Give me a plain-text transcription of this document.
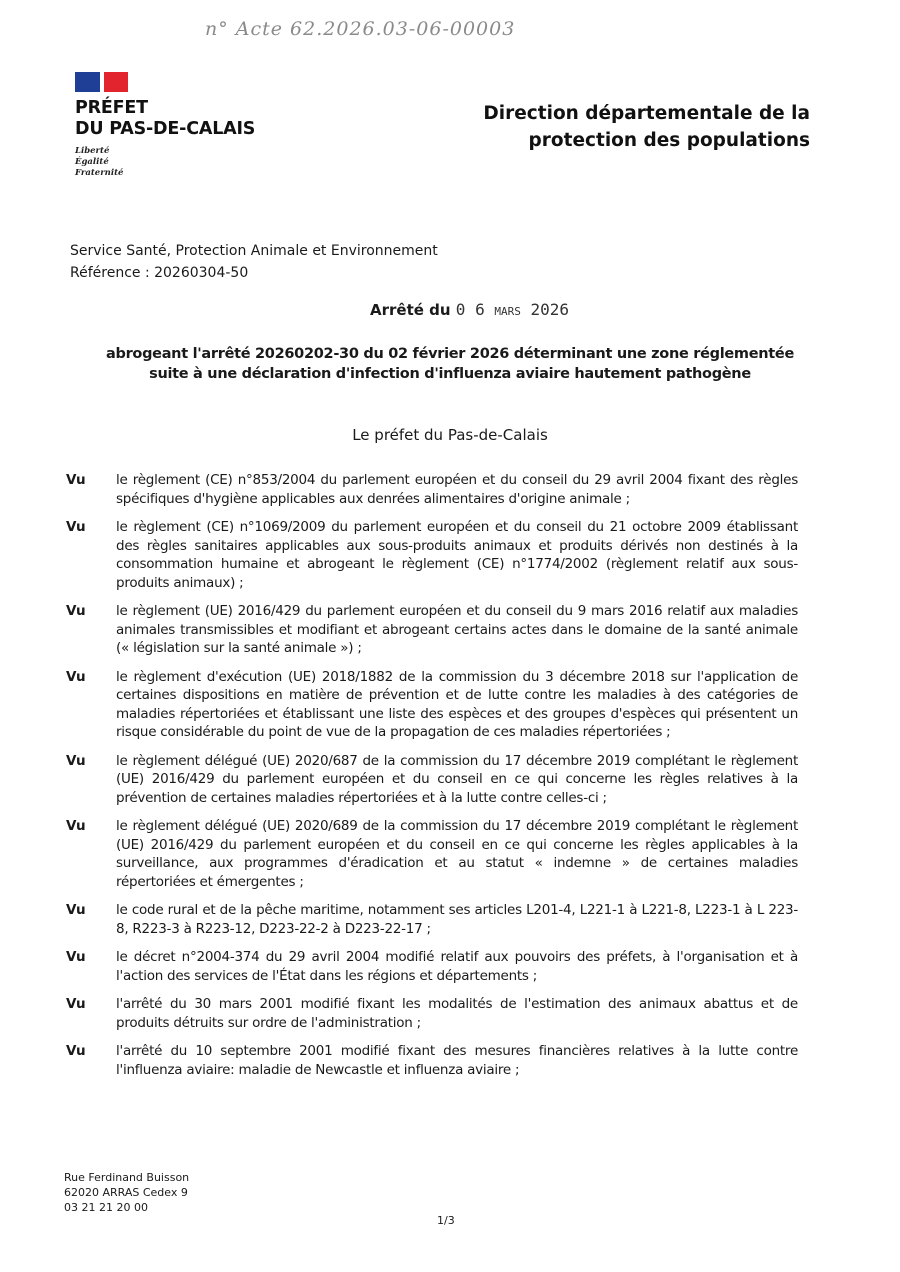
n° Acte 62.2026.03-06-00003
PRÉFET
DU PAS-DE-CALAIS
Liberté
Égalité
Fraternité
Direction départementale de la
protection des populations
Service Santé, Protection Animale et Environnement
Référence : 20260304-50
Arrêté du 0 6 MARS 2026
abrogeant l'arrêté 20260202-30 du 02 février 2026 déterminant une zone réglementée
suite à une déclaration d'infection d'influenza aviaire hautement pathogène
Le préfet du Pas-de-Calais
Vu	le règlement (CE) n°853/2004 du parlement européen et du conseil du 29 avril 2004 fixant des règles spécifiques d'hygiène applicables aux denrées alimentaires d'origine animale ;
Vu	le règlement (CE) n°1069/2009 du parlement européen et du conseil du 21 octobre 2009 établissant des règles sanitaires applicables aux sous-produits animaux et produits dérivés non destinés à la consommation humaine et abrogeant le règlement (CE) n°1774/2002 (règlement relatif aux sous-produits animaux) ;
Vu	le règlement (UE) 2016/429 du parlement européen et du conseil du 9 mars 2016 relatif aux maladies animales transmissibles et modifiant et abrogeant certains actes dans le domaine de la santé animale (« législation sur la santé animale ») ;
Vu	le règlement d'exécution (UE) 2018/1882 de la commission du 3 décembre 2018 sur l'application de certaines dispositions en matière de prévention et de lutte contre les maladies à des catégories de maladies répertoriées et établissant une liste des espèces et des groupes d'espèces qui présentent un risque considérable du point de vue de la propagation de ces maladies répertoriées ;
Vu	le règlement délégué (UE) 2020/687 de la commission du 17 décembre 2019 complétant le règlement (UE) 2016/429 du parlement européen et du conseil en ce qui concerne les règles relatives à la prévention de certaines maladies répertoriées et à la lutte contre celles-ci ;
Vu	le règlement délégué (UE) 2020/689 de la commission du 17 décembre 2019 complétant le règlement (UE) 2016/429 du parlement européen et du conseil en ce qui concerne les règles applicables à la surveillance, aux programmes d'éradication et au statut « indemne » de certaines maladies répertoriées et émergentes ;
Vu	le code rural et de la pêche maritime, notamment ses articles L201-4, L221-1 à L221-8, L223-1 à L 223-8, R223-3 à R223-12, D223-22-2 à D223-22-17 ;
Vu	le décret n°2004-374 du 29 avril 2004 modifié relatif aux pouvoirs des préfets, à l'organisation et à l'action des services de l'État dans les régions et départements ;
Vu	l'arrêté du 30 mars 2001 modifié fixant les modalités de l'estimation des animaux abattus et de produits détruits sur ordre de l'administration ;
Vu	l'arrêté du 10 septembre 2001 modifié fixant des mesures financières relatives à la lutte contre l'influenza aviaire: maladie de Newcastle et influenza aviaire ;
Rue Ferdinand Buisson
62020 ARRAS Cedex 9
03 21 21 20 00
1/3
